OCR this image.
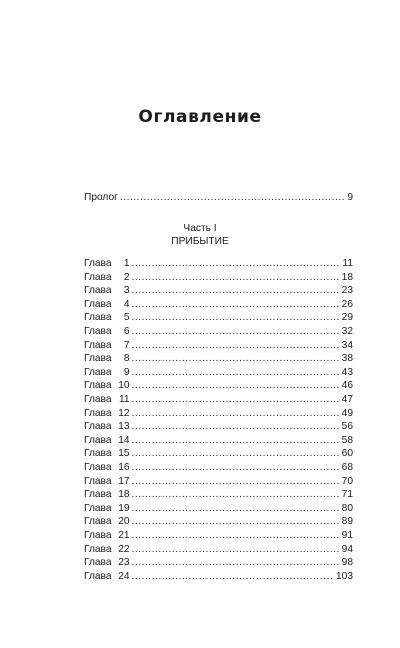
Оглавление
Пролог . . .	9
Часть I
ПРИБЫТИЕ
Глава 1 . . .	11
Глава 2 . . .	18
Глава 3 . . .	23
Глава 4 . . .	26
Глава 5 . . .	29
Глава 6 . . .	32
Глава 7 . . .	34
Глава 8 . . .	38
Глава 9 . . .	43
Глава 10 . . .	46
Глава 11 . . .	47
Глава 12 . . .	49
Глава 13 . . .	56
Глава 14 . . .	58
Глава 15 . . .	60
Глава 16 . . .	68
Глава 17 . . .	70
Глава 18 . . .	71
Глава 19 . . .	80
Глава 20 . . .	89
Глава 21 . . .	91
Глава 22 . . .	94
Глава 23 . . .	98
Глава 24 . . .	103
